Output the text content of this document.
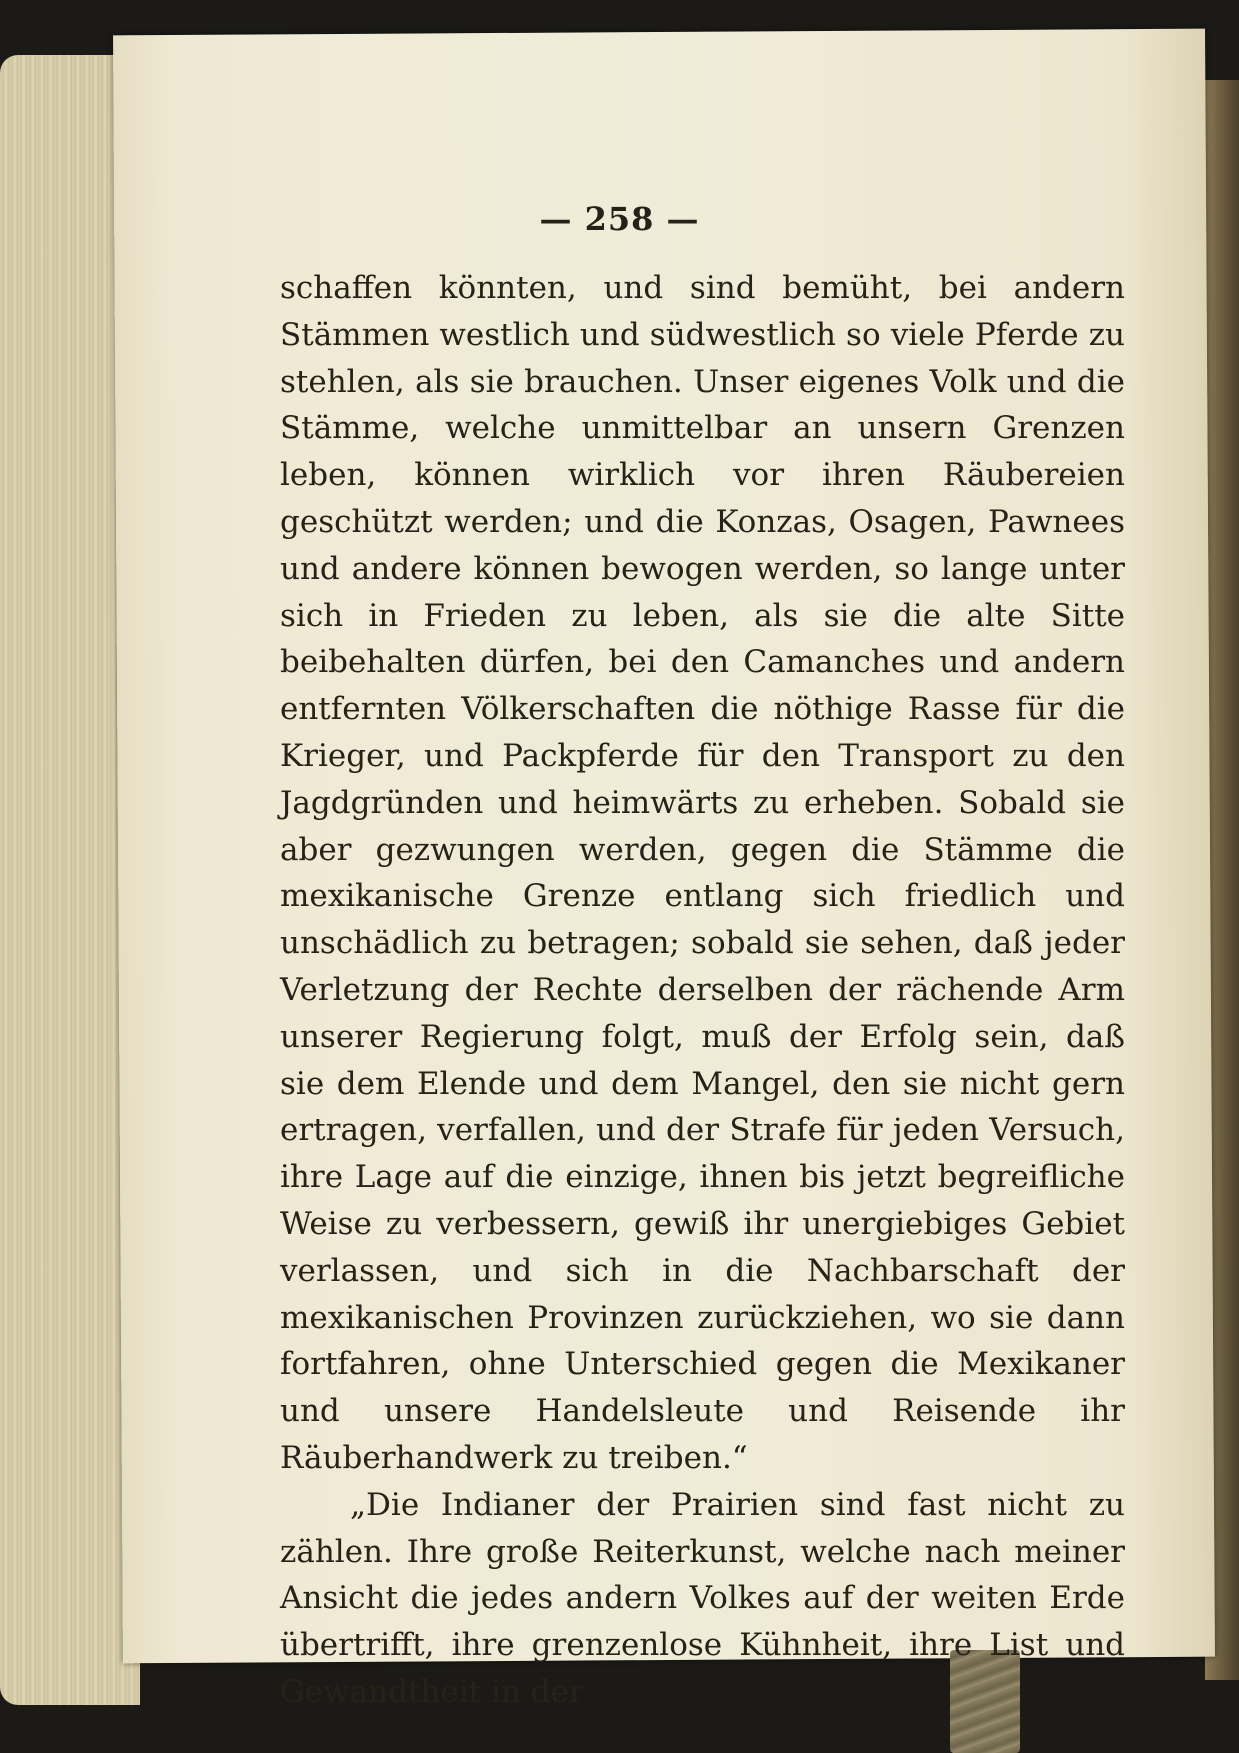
— 258 —

schaffen könnten, und sind bemüht, bei andern Stämmen westlich und südwestlich so viele Pferde zu stehlen, als sie brauchen. Unser eigenes Volk und die Stämme, welche unmittelbar an unsern Grenzen leben, können wirklich vor ihren Räubereien geschützt werden; und die Konzas, Osagen, Pawnees und andere können bewogen werden, so lange unter sich in Frieden zu leben, als sie die alte Sitte beibehalten dürfen, bei den Camanches und andern entfernten Völkerschaften die nöthige Rasse für die Krieger, und Packpferde für den Transport zu den Jagdgründen und heimwärts zu erheben. Sobald sie aber gezwungen werden, gegen die Stämme die mexikanische Grenze entlang sich friedlich und unschädlich zu betragen; sobald sie sehen, daß jeder Verletzung der Rechte derselben der rächende Arm unserer Regierung folgt, muß der Erfolg sein, daß sie dem Elende und dem Mangel, den sie nicht gern ertragen, verfallen, und der Strafe für jeden Versuch, ihre Lage auf die einzige, ihnen bis jetzt begreifliche Weise zu verbessern, gewiß ihr unergiebiges Gebiet verlassen, und sich in die Nachbarschaft der mexikanischen Provinzen zurückziehen, wo sie dann fortfahren, ohne Unterschied gegen die Mexikaner und unsere Handelsleute und Reisende ihr Räuberhandwerk zu treiben.“

„Die Indianer der Prairien sind fast nicht zu zählen. Ihre große Reiterkunst, welche nach meiner Ansicht die jedes andern Volkes auf der weiten Erde übertrifft, ihre grenzenlose Kühnheit, ihre List und Gewandtheit in der
